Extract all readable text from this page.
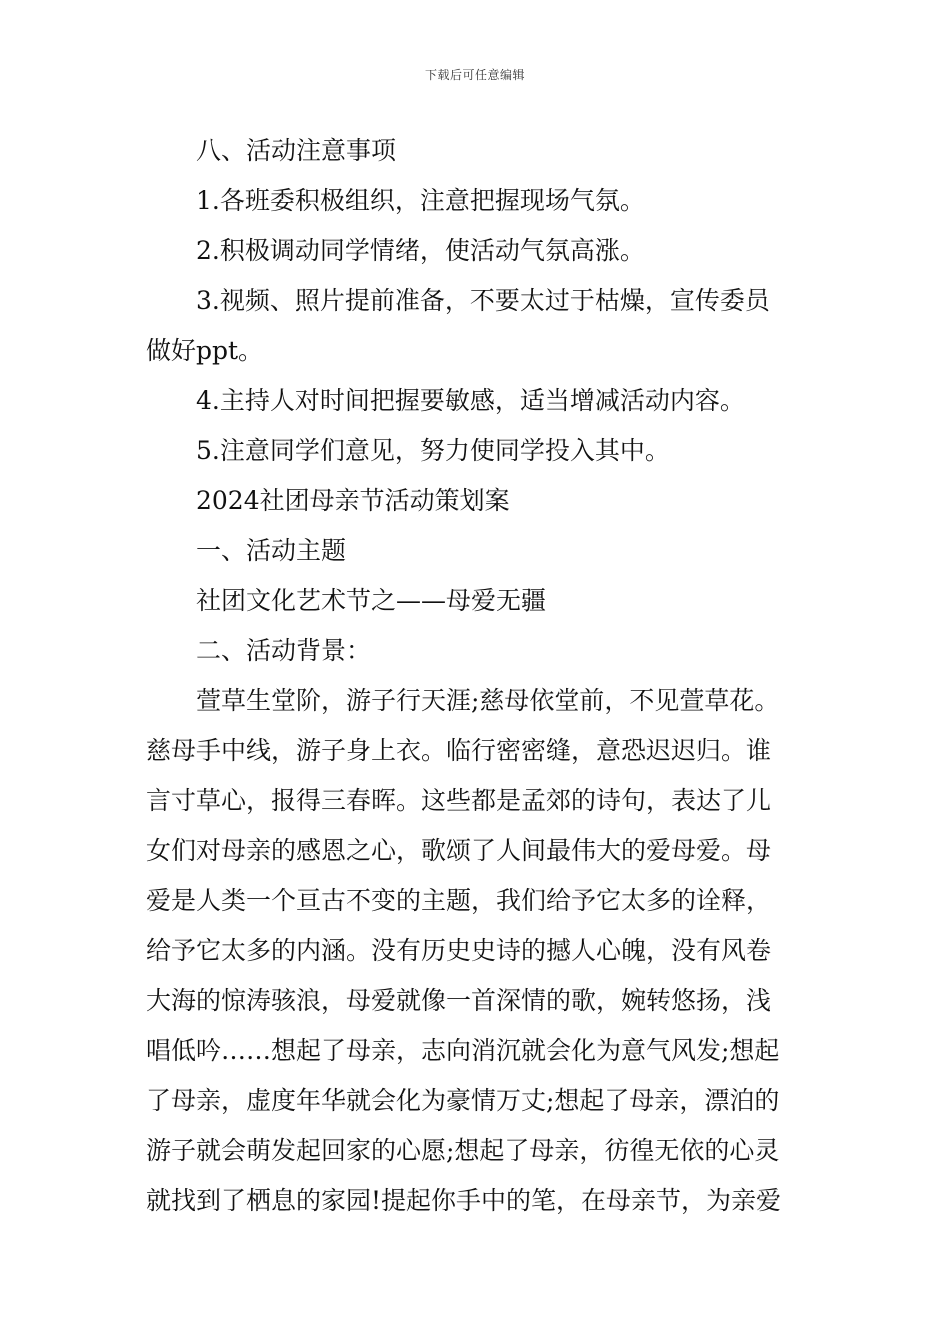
下载后可任意编辑
八、活动注意事项
1.各班委积极组织，注意把握现场气氛。
2.积极调动同学情绪，使活动气氛高涨。
3.视频、照片提前准备，不要太过于枯燥，宣传委员
做好ppt。
4.主持人对时间把握要敏感，适当增减活动内容。
5.注意同学们意见，努力使同学投入其中。
2024社团母亲节活动策划案
一、活动主题
社团文化艺术节之——母爱无疆
二、活动背景：
萱草生堂阶，游子行天涯;慈母依堂前，不见萱草花。
慈母手中线，游子身上衣。临行密密缝，意恐迟迟归。谁
言寸草心，报得三春晖。这些都是孟郊的诗句，表达了儿
女们对母亲的感恩之心，歌颂了人间最伟大的爱母爱。母
爱是人类一个亘古不变的主题，我们给予它太多的诠释，
给予它太多的内涵。没有历史史诗的撼人心魄，没有风卷
大海的惊涛骇浪，母爱就像一首深情的歌，婉转悠扬，浅
唱低吟……想起了母亲，志向消沉就会化为意气风发;想起
了母亲，虚度年华就会化为豪情万丈;想起了母亲，漂泊的
游子就会萌发起回家的心愿;想起了母亲，彷徨无依的心灵
就找到了栖息的家园!提起你手中的笔，在母亲节，为亲爱
